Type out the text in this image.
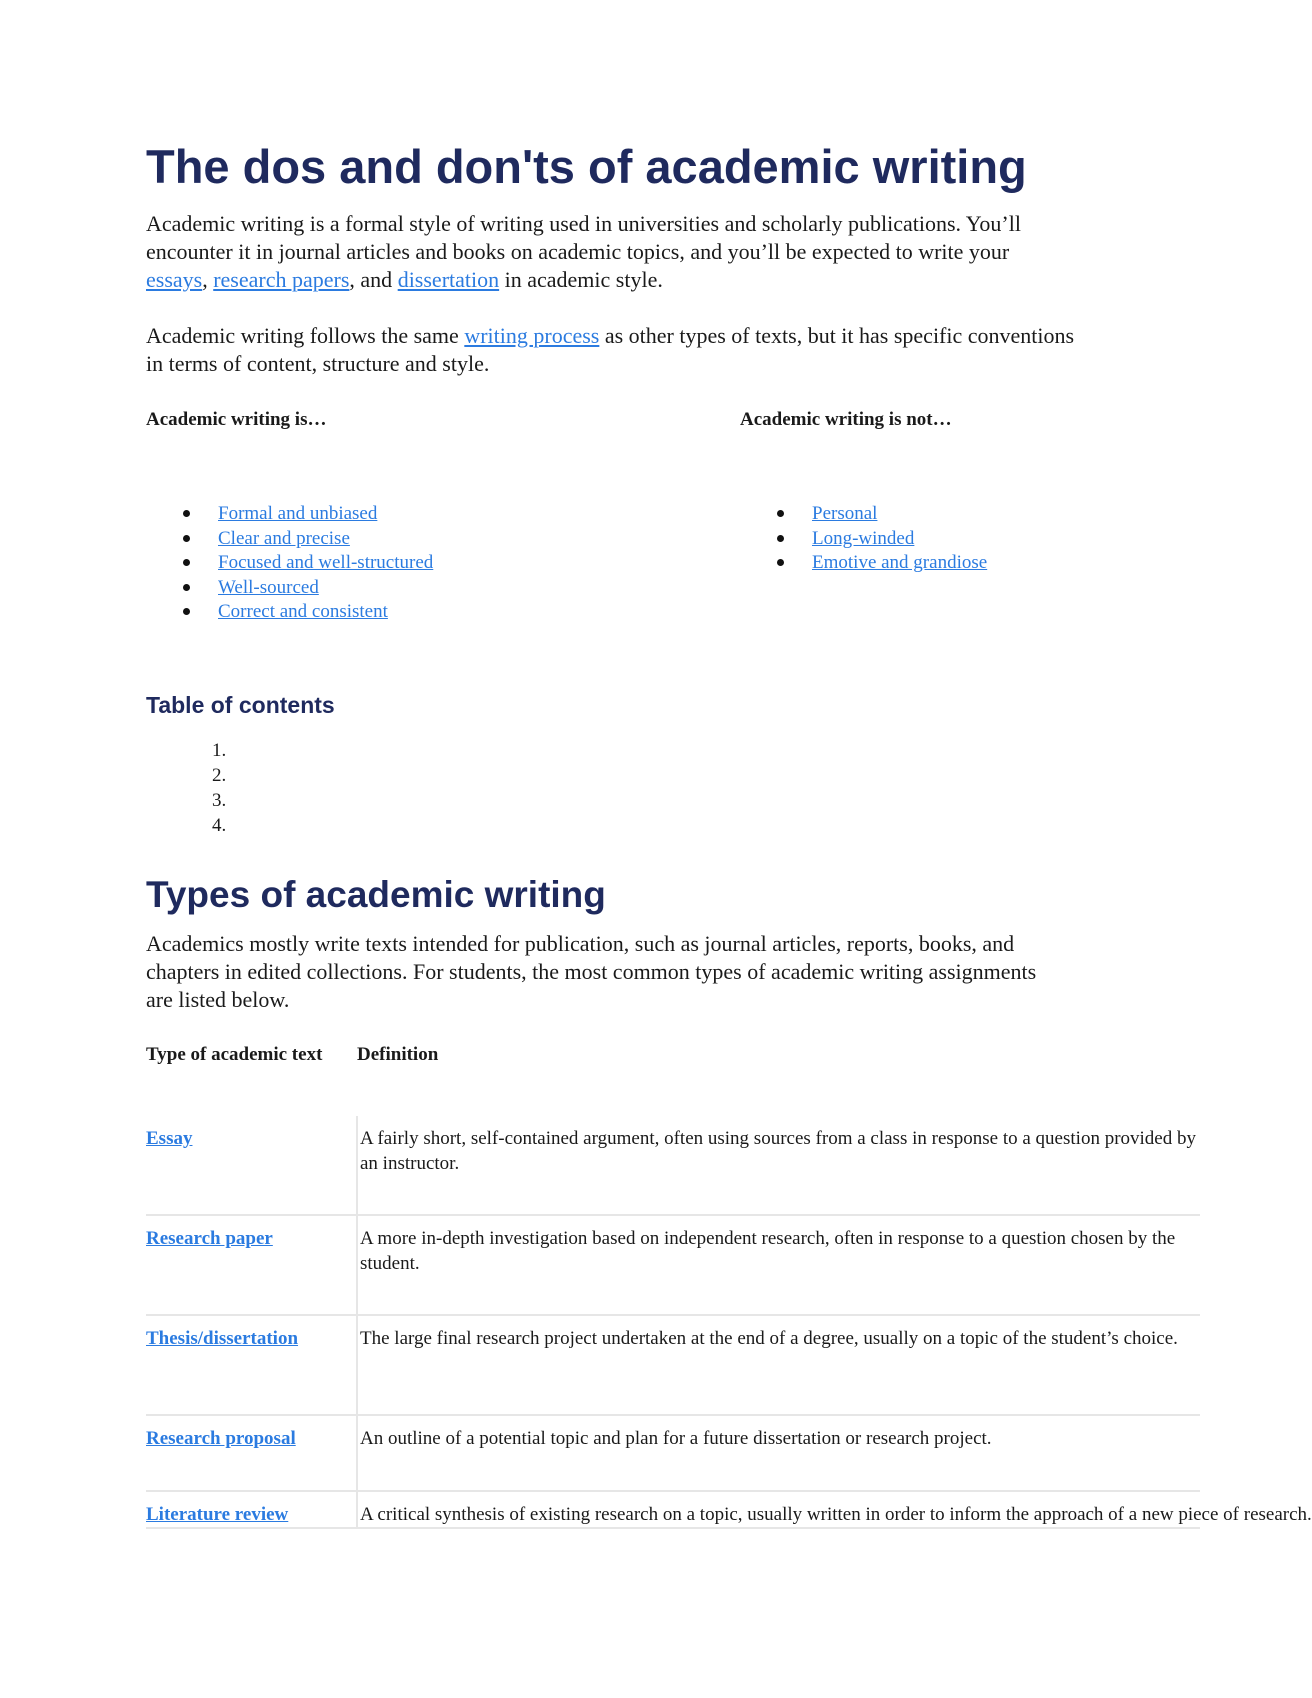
The dos and don'ts of academic writing

Academic writing is a formal style of writing used in universities and scholarly publications. You’ll encounter it in journal articles and books on academic topics, and you’ll be expected to write your essays, research papers, and dissertation in academic style.

Academic writing follows the same writing process as other types of texts, but it has specific conventions in terms of content, structure and style.

Academic writing is…
Formal and unbiased
Clear and precise
Focused and well-structured
Well-sourced
Correct and consistent
Academic writing is not…
Personal
Long-winded
Emotive and grandiose
Table of contents
1.
2.
3.
4.
Types of academic writing

Academics mostly write texts intended for publication, such as journal articles, reports, books, and chapters in edited collections. For students, the most common types of academic writing assignments are listed below.

Type of academic text	Definition
Essay	A fairly short, self-contained argument, often using sources from a class in response to a question provided by an instructor.

Research paper	A more in-depth investigation based on independent research, often in response to a question chosen by the student.

Thesis/dissertation	The large final research project undertaken at the end of a degree, usually on a topic of the student’s choice.

Research proposal	An outline of a potential topic and plan for a future dissertation or research project.

Literature review	A critical synthesis of existing research on a topic, usually written in order to inform the approach of a new piece of research.
